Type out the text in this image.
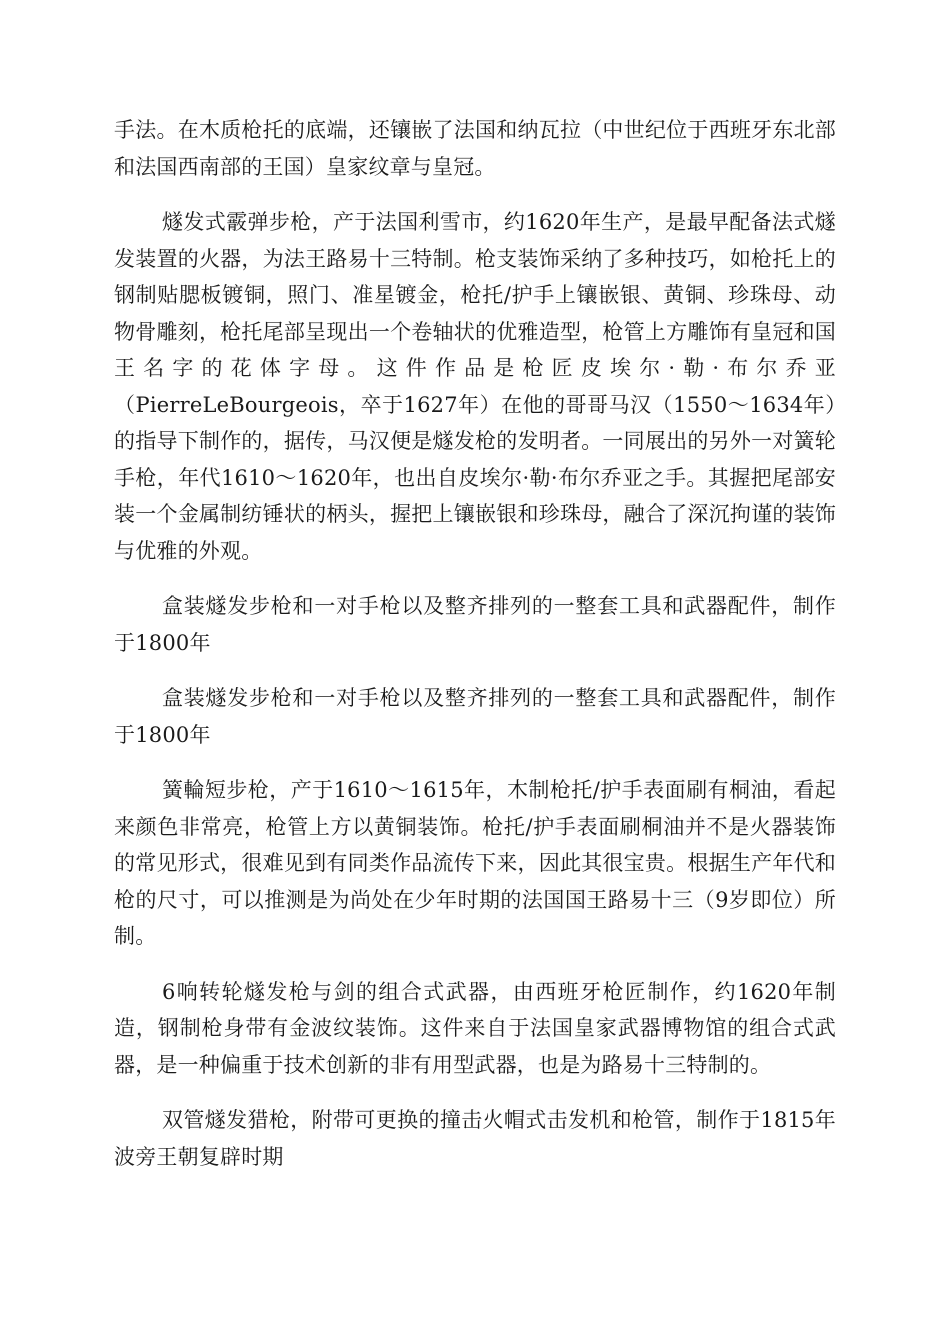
手法。在木质枪托的底端，还镶嵌了法国和纳瓦拉（中世纪位于西班牙东北部和法国西南部的王国）皇家纹章与皇冠。

燧发式霰弹步枪，产于法国利雪市，约1620年生产，是最早配备法式燧发装置的火器，为法王路易十三特制。枪支装饰采纳了多种技巧，如枪托上的钢制贴腮板镀铜，照门、准星镀金，枪托/护手上镶嵌银、黄铜、珍珠母、动物骨雕刻，枪托尾部呈现出一个卷轴状的优雅造型，枪管上方雕饰有皇冠和国王名字的花体字母。这件作品是枪匠皮埃尔·勒·布尔乔亚（PierreLeBourgeois，卒于1627年）在他的哥哥马汉（1550～1634年）的指导下制作的，据传，马汉便是燧发枪的发明者。一同展出的另外一对簧轮手枪，年代1610～1620年，也出自皮埃尔·勒·布尔乔亚之手。其握把尾部安装一个金属制纺锤状的柄头，握把上镶嵌银和珍珠母，融合了深沉拘谨的装饰与优雅的外观。

盒装燧发步枪和一对手枪以及整齐排列的一整套工具和武器配件，制作于1800年

盒装燧发步枪和一对手枪以及整齐排列的一整套工具和武器配件，制作于1800年

簧輪短步枪，产于1610～1615年，木制枪托/护手表面刷有桐油，看起来颜色非常亮，枪管上方以黄铜装饰。枪托/护手表面刷桐油并不是火器装饰的常见形式，很难见到有同类作品流传下来，因此其很宝贵。根据生产年代和枪的尺寸，可以推测是为尚处在少年时期的法国国王路易十三（9岁即位）所制。

6响转轮燧发枪与剑的组合式武器，由西班牙枪匠制作，约1620年制造，钢制枪身带有金波纹装饰。这件来自于法国皇家武器博物馆的组合式武器，是一种偏重于技术创新的非有用型武器，也是为路易十三特制的。

双管燧发猎枪，附带可更换的撞击火帽式击发机和枪管，制作于1815年波旁王朝复辟时期
